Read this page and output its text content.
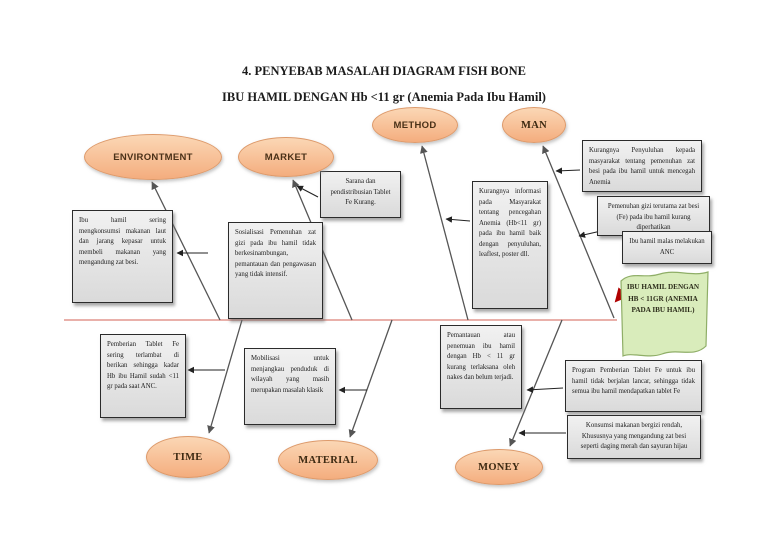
4. PENYEBAB MASALAH DIAGRAM FISH BONE
IBU HAMIL DENGAN Hb <11 gr (Anemia Pada Ibu Hamil)
ENVIRONTMENT	MARKET
METHOD	MAN
TIME	MATERIAL
MONEY
Ibu hamil sering mengkonsumsi makanan laut dan jarang kepasar untuk membeli makanan yang mengandung zat besi.
Sosialisasi Pemenuhan zat gizi pada ibu hamil tidak berkesinambungan, pemantauan dan pengawasan yang tidak intensif.
Sarana dan pendistribusian Tablet Fe Kurang.
Kurangnya informasi pada Masyarakat tentang pencegahan Anemia (Hb<11 gr) pada ibu hamil baik dengan penyuluhan, leaflest, poster dll.
Kurangnya Penyuluhan kepada masyarakat tentang pemenuhan zat besi pada ibu hamil untuk mencegah Anemia
Pemenuhan gizi terutama zat besi (Fe) pada ibu hamil kurang diperhatikan
Ibu hamil malas melakukan ANC
Program Pemberian Tablet Fe untuk ibu hamil tidak berjalan lancar, sehingga tidak semua ibu hamil mendapatkan tablet Fe
Konsumsi makanan bergizi rendah, Khususnya yang mengandung zat besi seperti daging merah dan sayuran hijau
Pemantauan atau penemuan ibu hamil dengan Hb < 11 gr kurang terlaksana oleh nakes dan belum terjadi.
Mobilisasi untuk menjangkau penduduk di wilayah yang masih merupakan masalah klasik
Pemberian Tablet Fe sering terlambat di berikan sehingga kadar Hb ibu Hamil sudah <11 gr pada saat ANC.
IBU HAMIL DENGAN HB < 11GR (ANEMIA PADA IBU HAMIL)
